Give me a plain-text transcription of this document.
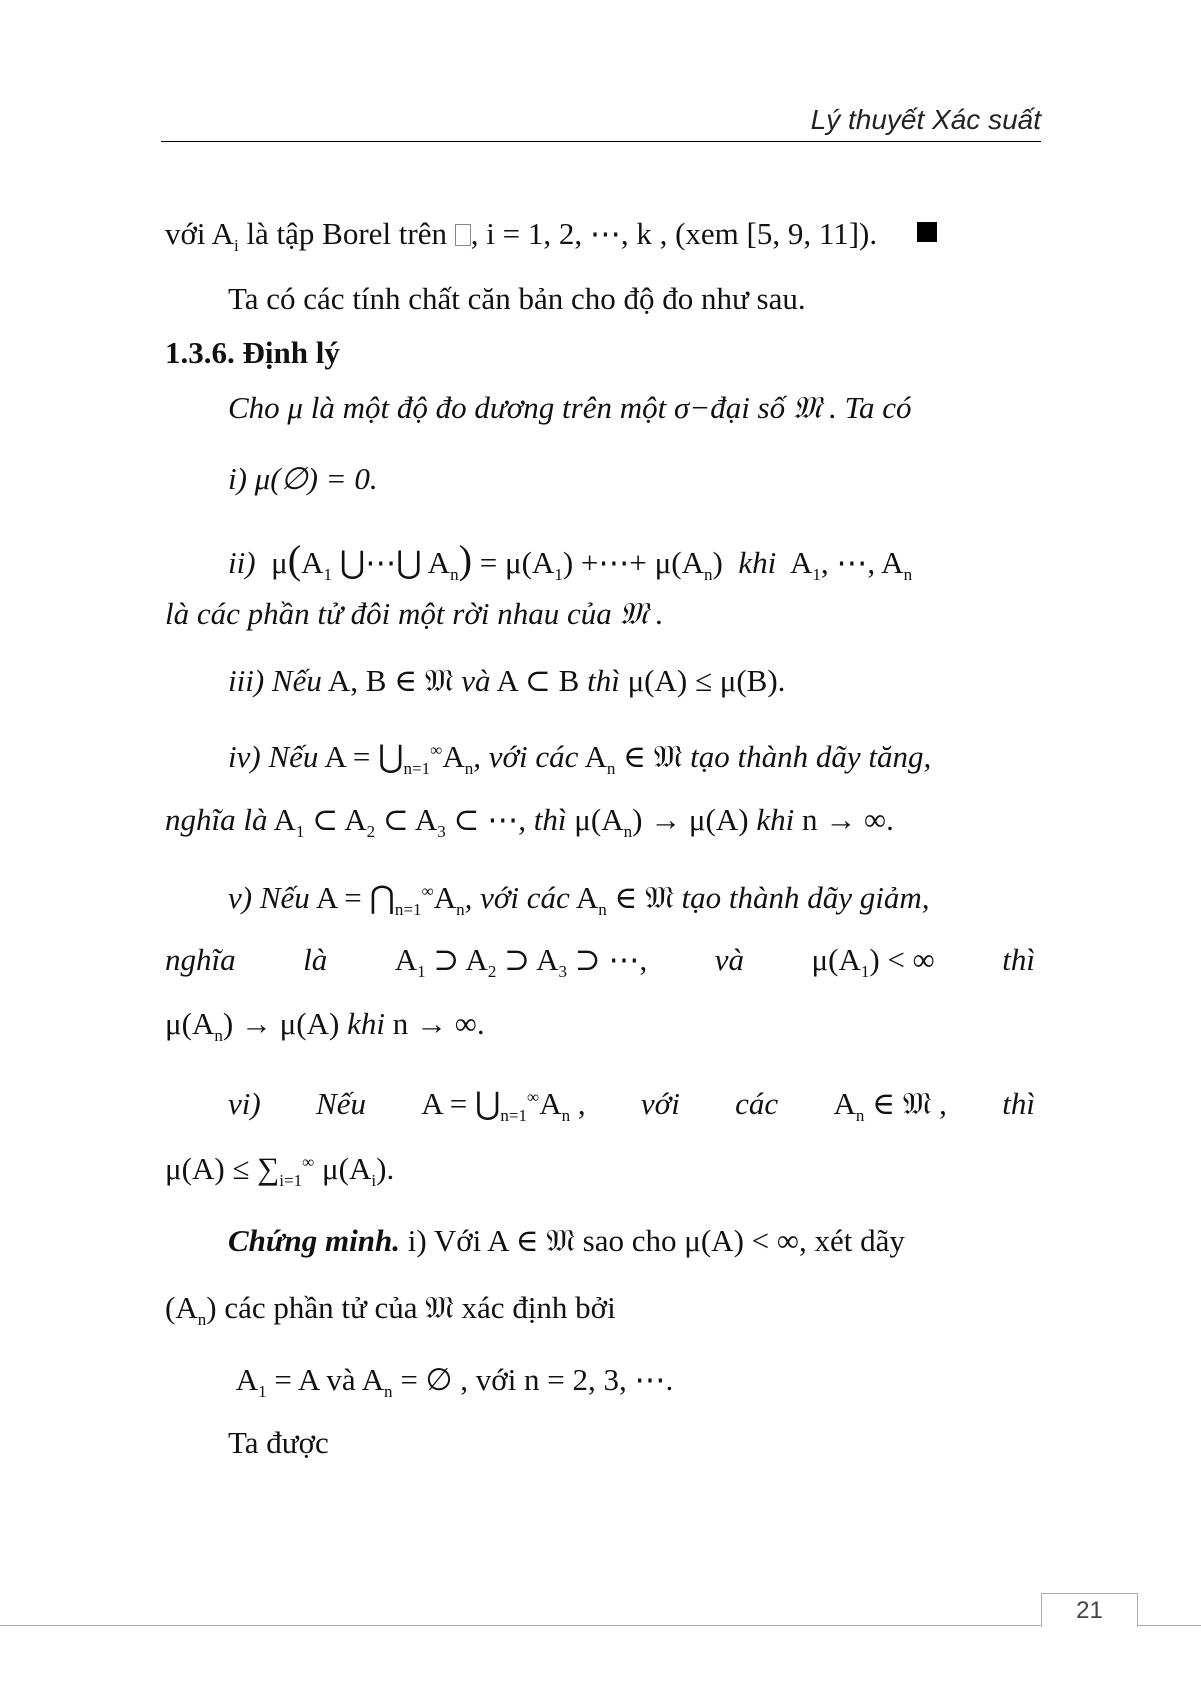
Lý thuyết Xác suất
với $A_i$ là tập Borel trên , i = 1, 2, ⋯, k , (xem [5, 9, 11]).
Ta có các tính chất căn bản cho độ đo như sau.
1.3.6. Định lý
Cho μ là một độ đo dương trên một σ−đại số 𝔐 . Ta có
i) μ(∅) = 0.
ii)  $\mu(A_1$ ⋃⋯⋃ $A_n) = \mu(A_1)$ +⋯+ $\mu(A_n)$  khi  $A_1$, ⋯, $A_n$
là các phần tử đôi một rời nhau của 𝔐 .
iii) Nếu A, B ∈ 𝔐 và A ⊂ B thì μ(A) ≤ μ(B).
iv) Nếu $A = ⋃_{n=1}^\infty A_n$, với các $A_n$ ∈ 𝔐 tạo thành dãy tăng,
nghĩa là $A_1$ ⊂ $A_2$ ⊂ $A_3$ ⊂ ⋯, thì $\mu(A_n) \to \mu(A)$ khi n → ∞.
v) Nếu $A = ⋂_{n=1}^\infty A_n$, với các $A_n$ ∈ 𝔐 tạo thành dãy giảm,
nghĩa là $A_1$ ⊃ $A_2$ ⊃ $A_3$ ⊃ ⋯, và $\mu(A_1)$ < ∞ thì
$\mu(A_n) \to \mu(A)$ khi n → ∞.
vi) Nếu $A = ⋃_{n=1}^\infty A_n$ , với các $A_n$ ∈ 𝔐 , thì
$\mu(A) \le \sum_{i=1}^\infty$ $\mu(A_i)$.
Chứng minh. i) Với A ∈ 𝔐 sao cho μ(A) < ∞, xét dãy
$(A_n)$ các phần tử của 𝔐 xác định bởi
$A_1 = A$ và $A_n$ = ∅ , với n = 2, 3, ⋯.
Ta được
21
